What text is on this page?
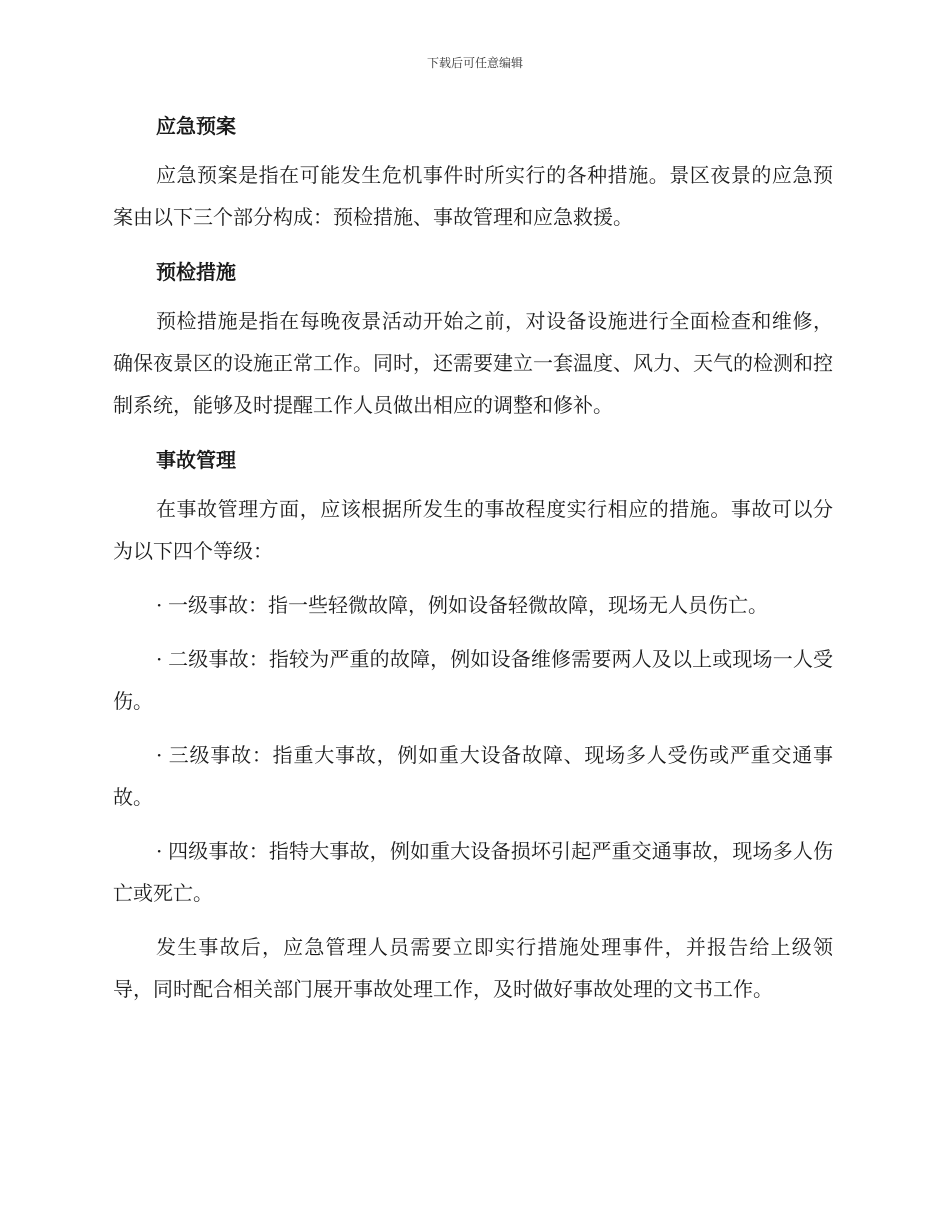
下载后可任意编辑
应急预案

应急预案是指在可能发生危机事件时所实行的各种措施。景区夜景的应急预案由以下三个部分构成：预检措施、事故管理和应急救援。

预检措施

预检措施是指在每晚夜景活动开始之前，对设备设施进行全面检查和维修，确保夜景区的设施正常工作。同时，还需要建立一套温度、风力、天气的检测和控制系统，能够及时提醒工作人员做出相应的调整和修补。

事故管理

在事故管理方面，应该根据所发生的事故程度实行相应的措施。事故可以分为以下四个等级：

· 一级事故：指一些轻微故障，例如设备轻微故障，现场无人员伤亡。

· 二级事故：指较为严重的故障，例如设备维修需要两人及以上或现场一人受伤。

· 三级事故：指重大事故，例如重大设备故障、现场多人受伤或严重交通事故。

· 四级事故：指特大事故，例如重大设备损坏引起严重交通事故，现场多人伤亡或死亡。

发生事故后，应急管理人员需要立即实行措施处理事件，并报告给上级领导，同时配合相关部门展开事故处理工作，及时做好事故处理的文书工作。
